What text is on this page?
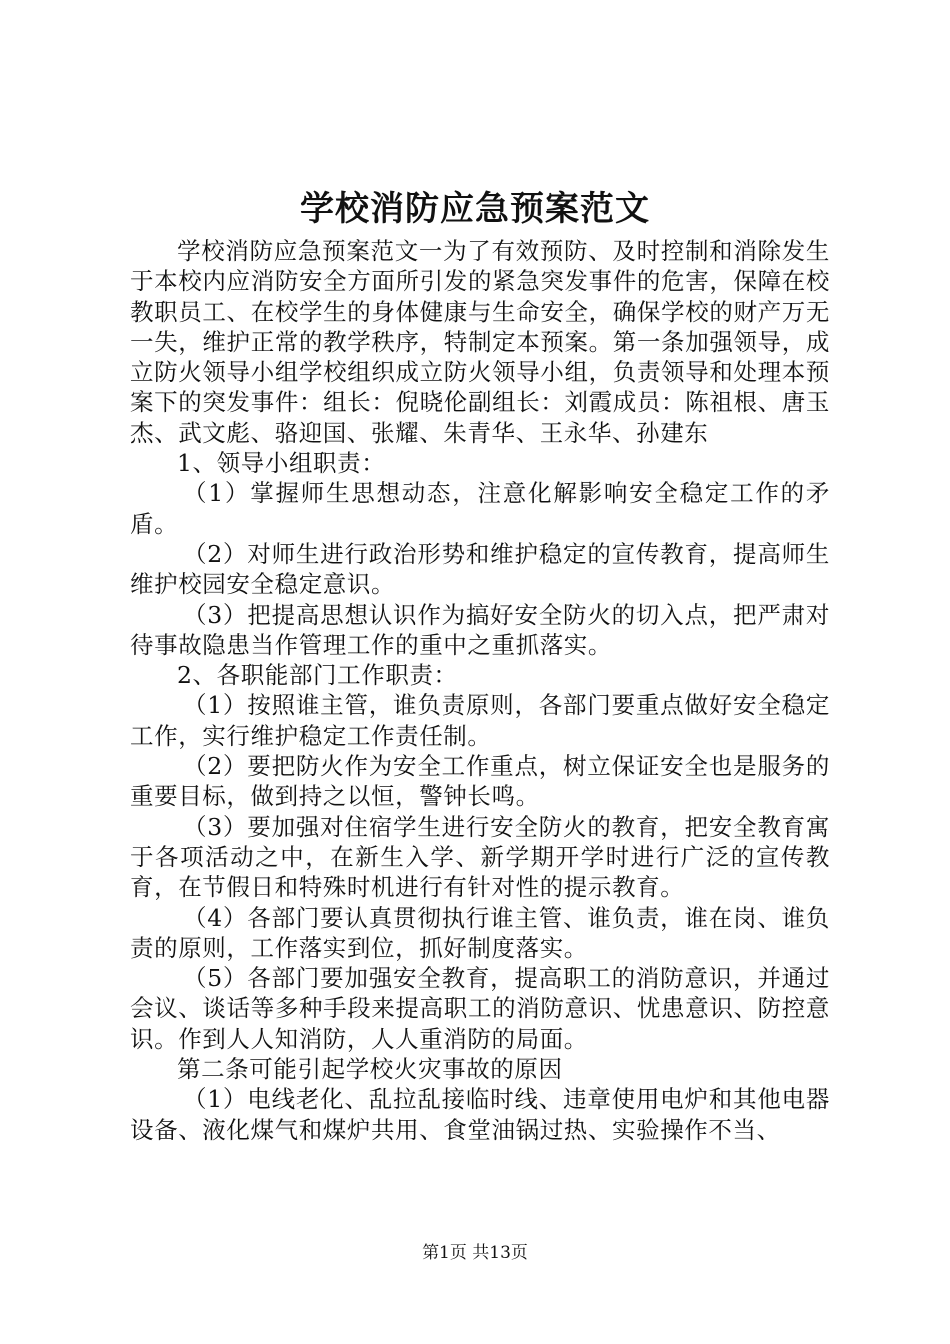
学校消防应急预案范文

学校消防应急预案范文一为了有效预防、及时控制和消除发生于本校内应消防安全方面所引发的紧急突发事件的危害，保障在校教职员工、在校学生的身体健康与生命安全，确保学校的财产万无一失，维护正常的教学秩序，特制定本预案。第一条加强领导，成立防火领导小组学校组织成立防火领导小组，负责领导和处理本预案下的突发事件：组长：倪晓伦副组长：刘霞成员：陈祖根、唐玉杰、武文彪、骆迎国、张耀、朱青华、王永华、孙建东

1、领导小组职责：

（1）掌握师生思想动态，注意化解影响安全稳定工作的矛盾。

（2）对师生进行政治形势和维护稳定的宣传教育，提高师生维护校园安全稳定意识。

（3）把提高思想认识作为搞好安全防火的切入点，把严肃对待事故隐患当作管理工作的重中之重抓落实。

2、各职能部门工作职责：

（1）按照谁主管，谁负责原则，各部门要重点做好安全稳定工作，实行维护稳定工作责任制。

（2）要把防火作为安全工作重点，树立保证安全也是服务的重要目标，做到持之以恒，警钟长鸣。

（3）要加强对住宿学生进行安全防火的教育，把安全教育寓于各项活动之中，在新生入学、新学期开学时进行广泛的宣传教育，在节假日和特殊时机进行有针对性的提示教育。

（4）各部门要认真贯彻执行谁主管、谁负责，谁在岗、谁负责的原则，工作落实到位，抓好制度落实。

（5）各部门要加强安全教育，提高职工的消防意识，并通过会议、谈话等多种手段来提高职工的消防意识、忧患意识、防控意识。作到人人知消防，人人重消防的局面。

第二条可能引起学校火灾事故的原因

（1）电线老化、乱拉乱接临时线、违章使用电炉和其他电器设备、液化煤气和煤炉共用、食堂油锅过热、实验操作不当、

第1页 共13页
